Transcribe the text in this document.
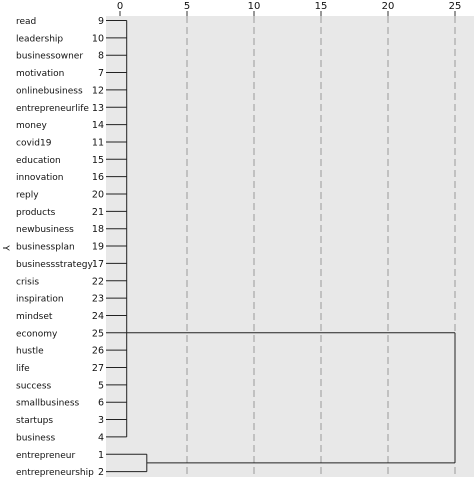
0	5	10	15	20	25
read	9
leadership	10
businessowner 8
motivation	7
onlinebusiness 12
entrepreneurlife 13
money	14
covid19	11
education	15
innovation	16
reply	20
products	21
newbusiness 18
businessplan 19
businessstrategy 17
crisis	22
inspiration	23
mindset	24
economy	25
hustle	26
life	27
success	5
smallbusiness 6
startups	3
business	4
entrepreneur 1
entrepreneurship 2
Y
